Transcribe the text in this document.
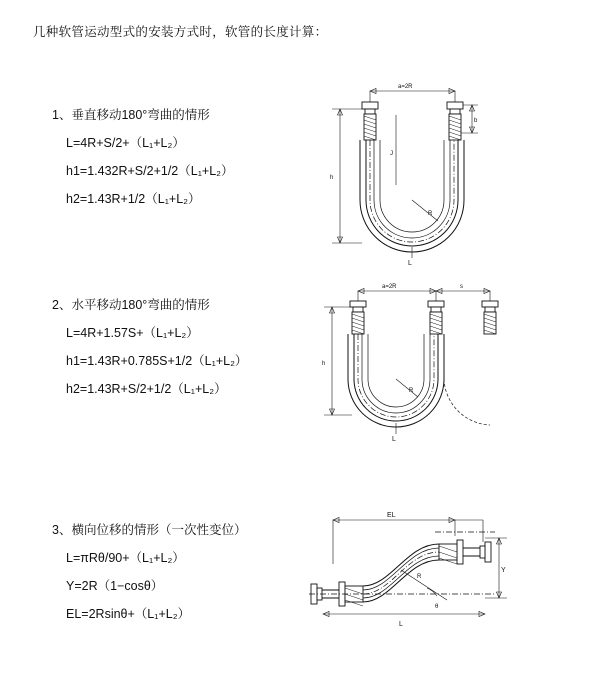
几种软管运动型式的安装方式时，软管的长度计算：
1、垂直移动180°弯曲的情形
L=4R+S/2+（L₁+L₂）
h1=1.432R+S/2+1/2（L₁+L₂）
h2=1.43R+1/2（L₁+L₂）
a=2R
b
h
R
L
J
2、水平移动180°弯曲的情形
L=4R+1.57S+（L₁+L₂）
h1=1.43R+0.785S+1/2（L₁+L₂）
h2=1.43R+S/2+1/2（L₁+L₂）
a=2R	s
h
R
L
3、横向位移的情形（一次性变位）
L=πRθ/90+（L₁+L₂）
Y=2R（1−cosθ）
EL=2Rsinθ+（L₁+L₂）
EL
Y
θ
R
L
